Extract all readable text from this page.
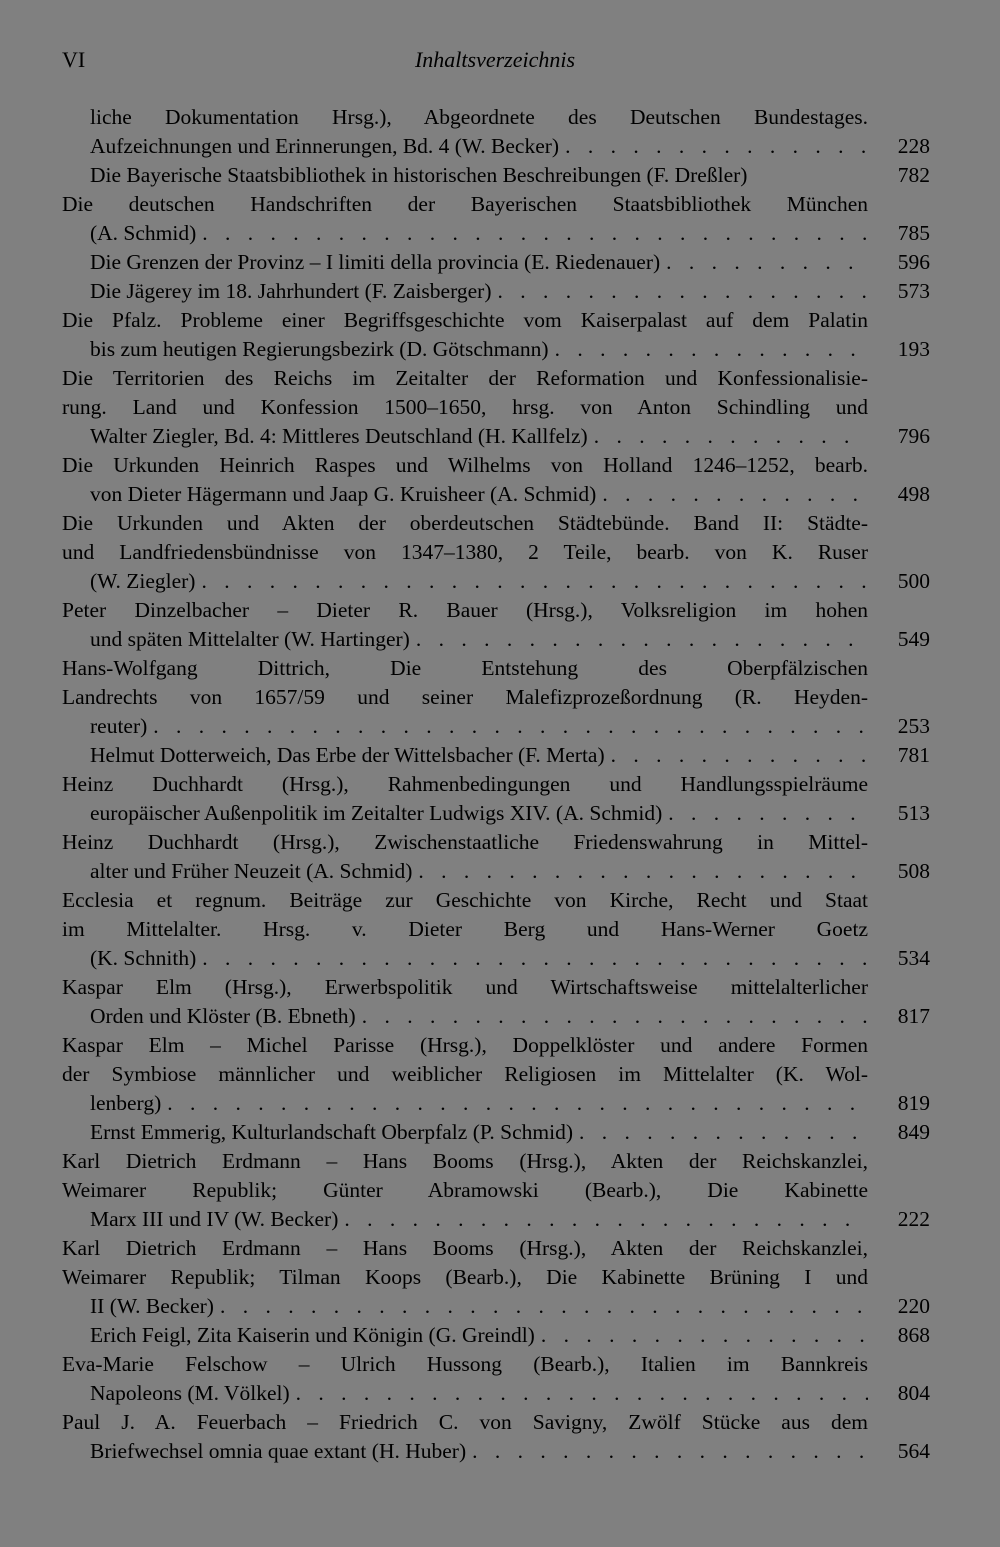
VI	Inhaltsverzeichnis
liche Dokumentation Hrsg.), Abgeordnete des Deutschen Bundestages.
Aufzeichnungen und Erinnerungen, Bd. 4 (W. Becker) . . .	228
Die Bayerische Staatsbibliothek in historischen Beschreibungen (F. Dreßler)	782
Die deutschen Handschriften der Bayerischen Staatsbibliothek München
(A. Schmid) . . .	785
Die Grenzen der Provinz – I limiti della provincia (E. Riedenauer) . . .	596
Die Jägerey im 18. Jahrhundert (F. Zaisberger) . . .	573
Die Pfalz. Probleme einer Begriffsgeschichte vom Kaiserpalast auf dem Palatin
bis zum heutigen Regierungsbezirk (D. Götschmann) . . .	193
Die Territorien des Reichs im Zeitalter der Reformation und Konfessionalisie-
rung. Land und Konfession 1500–1650, hrsg. von Anton Schindling und
Walter Ziegler, Bd. 4: Mittleres Deutschland (H. Kallfelz) . . .	796
Die Urkunden Heinrich Raspes und Wilhelms von Holland 1246–1252, bearb.
von Dieter Hägermann und Jaap G. Kruisheer (A. Schmid) . . .	498
Die Urkunden und Akten der oberdeutschen Städtebünde. Band II: Städte-
und Landfriedensbündnisse von 1347–1380, 2 Teile, bearb. von K. Ruser
(W. Ziegler) . . .	500
Peter Dinzelbacher – Dieter R. Bauer (Hrsg.), Volksreligion im hohen
und späten Mittelalter (W. Hartinger) . . .	549
Hans-Wolfgang Dittrich, Die Entstehung des Oberpfälzischen
Landrechts von 1657/59 und seiner Malefizprozeßordnung (R. Heyden-
reuter) . . .	253
Helmut Dotterweich, Das Erbe der Wittelsbacher (F. Merta) . . .	781
Heinz Duchhardt (Hrsg.), Rahmenbedingungen und Handlungsspielräume
europäischer Außenpolitik im Zeitalter Ludwigs XIV. (A. Schmid) . . .	513
Heinz Duchhardt (Hrsg.), Zwischenstaatliche Friedenswahrung in Mittel-
alter und Früher Neuzeit (A. Schmid) . . .	508
Ecclesia et regnum. Beiträge zur Geschichte von Kirche, Recht und Staat
im Mittelalter. Hrsg. v. Dieter Berg und Hans-Werner Goetz
(K. Schnith) . . .	534
Kaspar Elm (Hrsg.), Erwerbspolitik und Wirtschaftsweise mittelalterlicher
Orden und Klöster (B. Ebneth) . . .	817
Kaspar Elm – Michel Parisse (Hrsg.), Doppelklöster und andere Formen
der Symbiose männlicher und weiblicher Religiosen im Mittelalter (K. Wol-
lenberg) . . .	819
Ernst Emmerig, Kulturlandschaft Oberpfalz (P. Schmid) . . .	849
Karl Dietrich Erdmann – Hans Booms (Hrsg.), Akten der Reichskanzlei,
Weimarer Republik; Günter Abramowski (Bearb.), Die Kabinette
Marx III und IV (W. Becker) . . .	222
Karl Dietrich Erdmann – Hans Booms (Hrsg.), Akten der Reichskanzlei,
Weimarer Republik; Tilman Koops (Bearb.), Die Kabinette Brüning I und
II (W. Becker) . . .	220
Erich Feigl, Zita Kaiserin und Königin (G. Greindl) . . .	868
Eva-Marie Felschow – Ulrich Hussong (Bearb.), Italien im Bannkreis
Napoleons (M. Völkel) . . .	804
Paul J. A. Feuerbach – Friedrich C. von Savigny, Zwölf Stücke aus dem
Briefwechsel omnia quae extant (H. Huber) . . .	564
